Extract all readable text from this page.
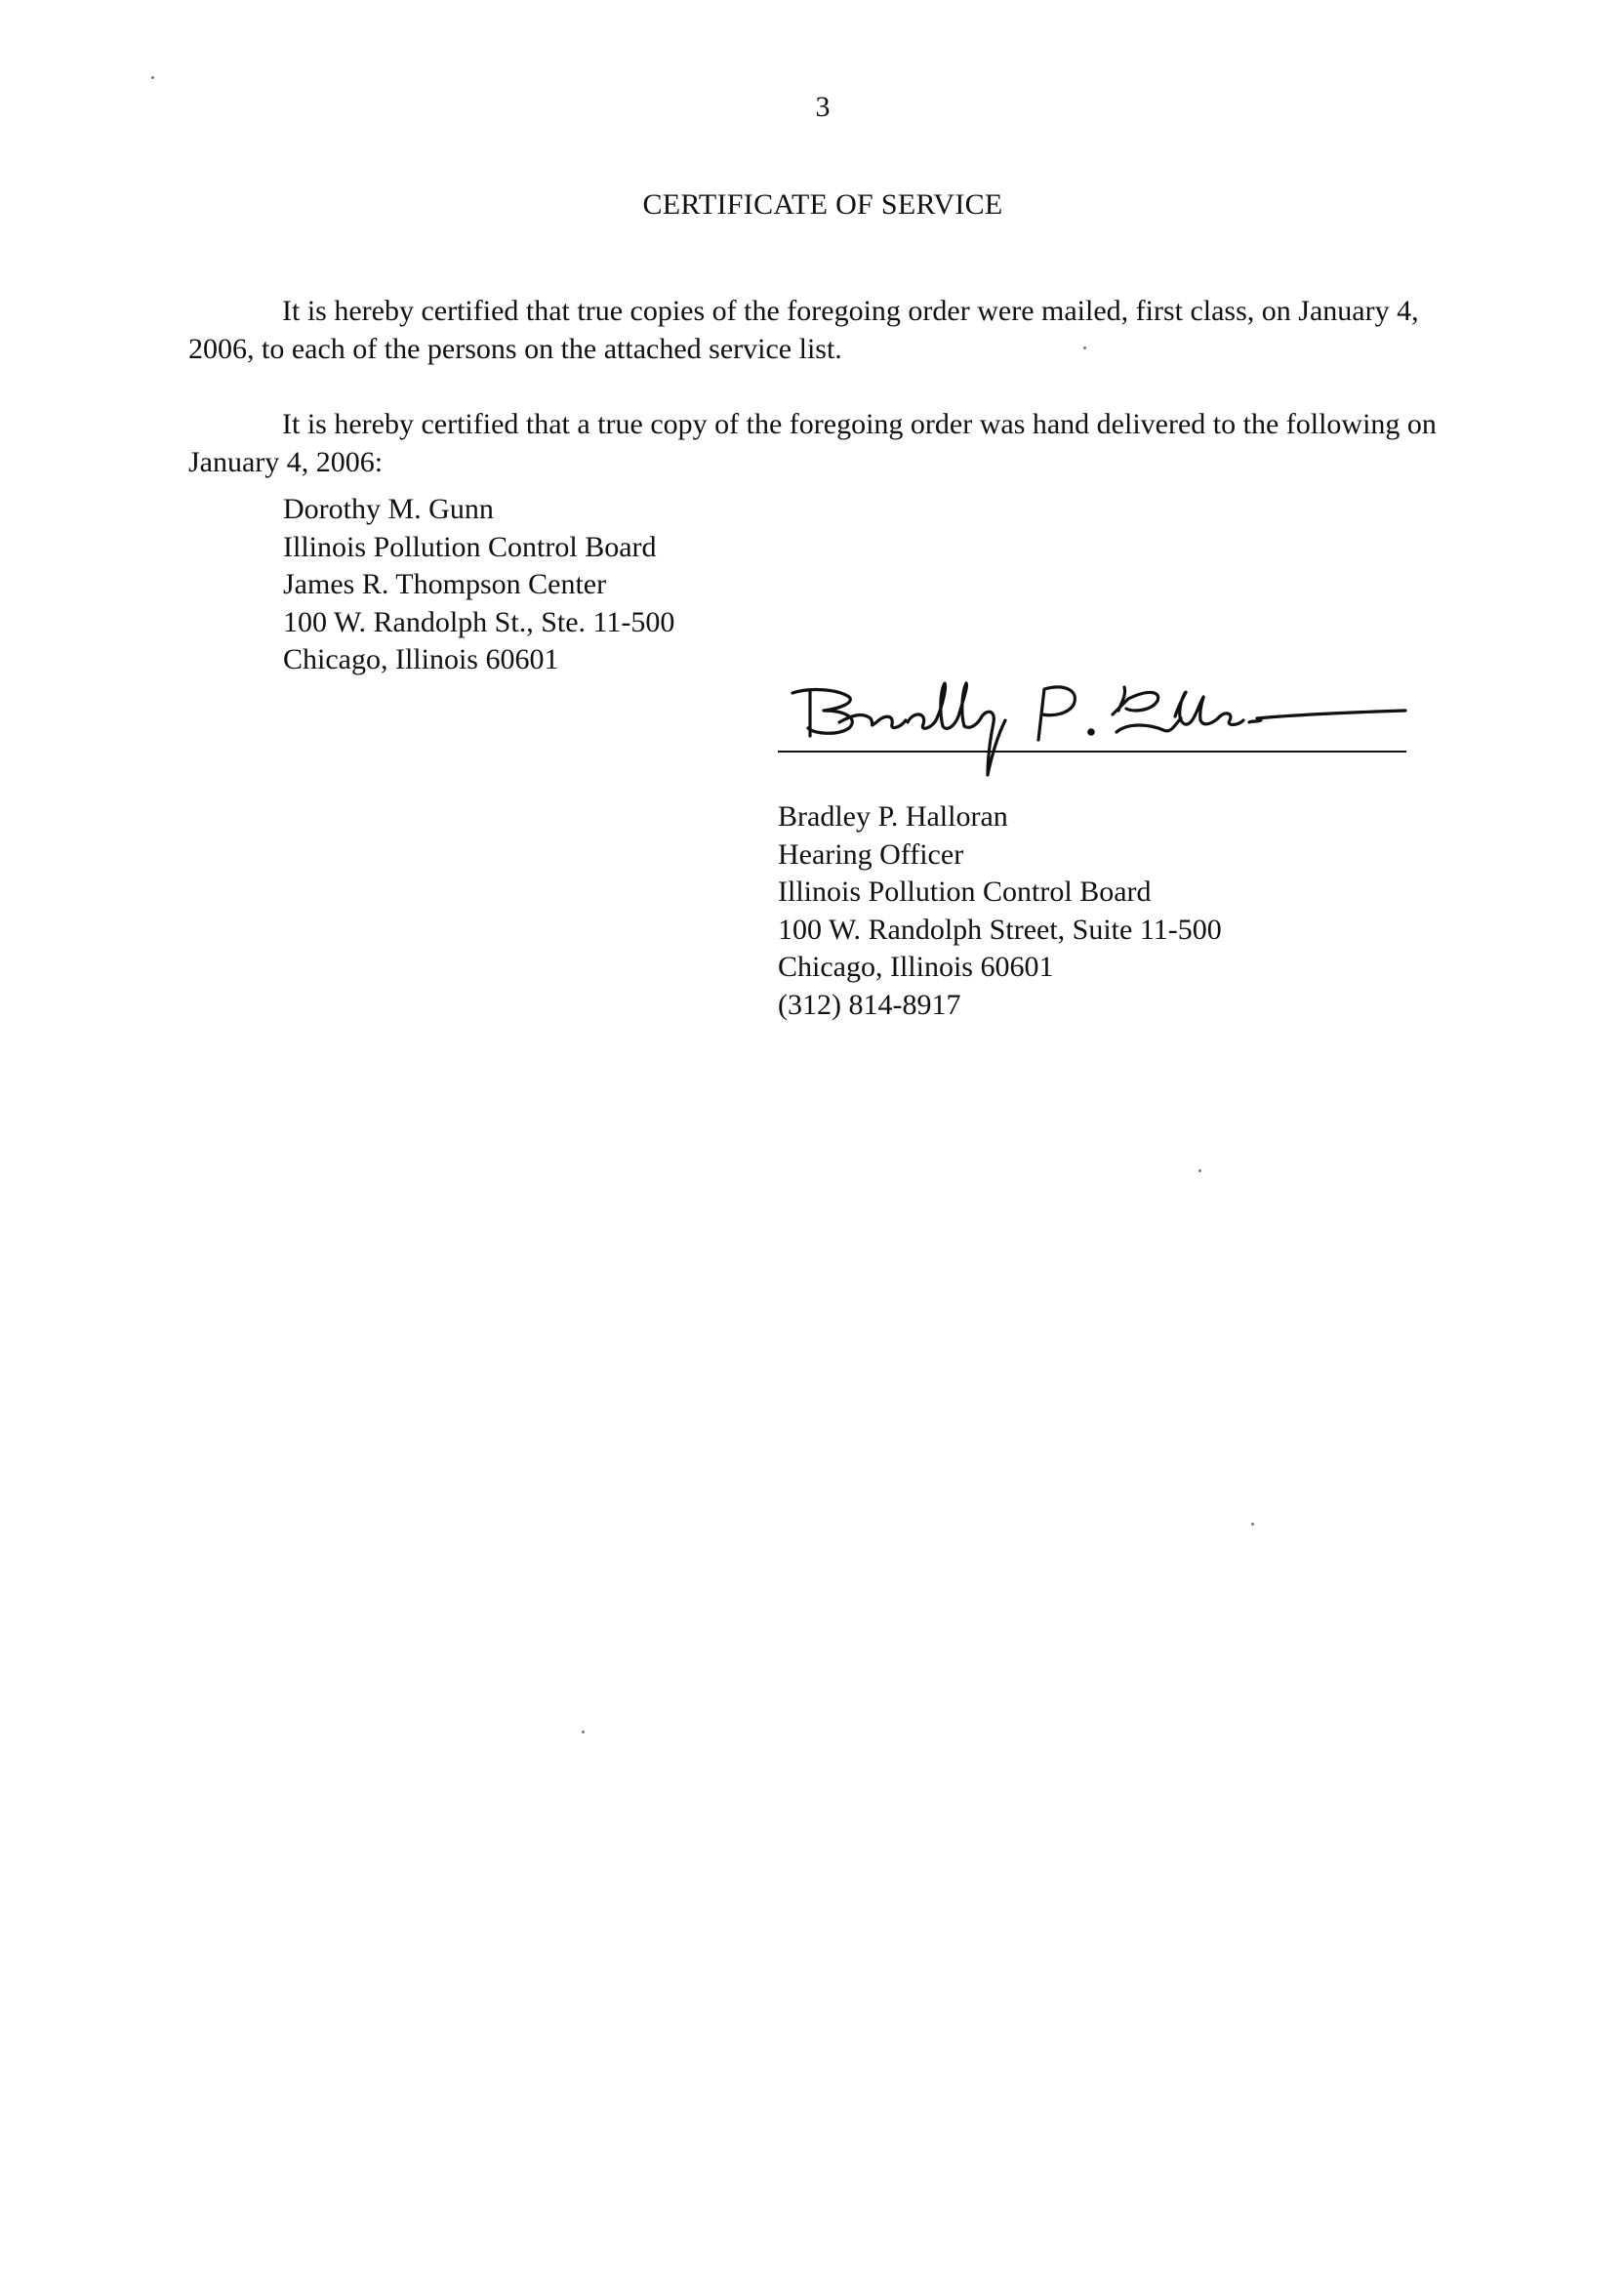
3
CERTIFICATE OF SERVICE

It is hereby certified that true copies of the foregoing order were mailed, first class, on January 4, 2006, to each of the persons on the attached service list.

It is hereby certified that a true copy of the foregoing order was hand delivered to the following on January 4, 2006:

Dorothy M. Gunn
Illinois Pollution Control Board
James R. Thompson Center
100 W. Randolph St., Ste. 11-500
Chicago, Illinois 60601
Bradley P. Halloran
Hearing Officer
Illinois Pollution Control Board
100 W. Randolph Street, Suite 11-500
Chicago, Illinois 60601
(312) 814-8917
